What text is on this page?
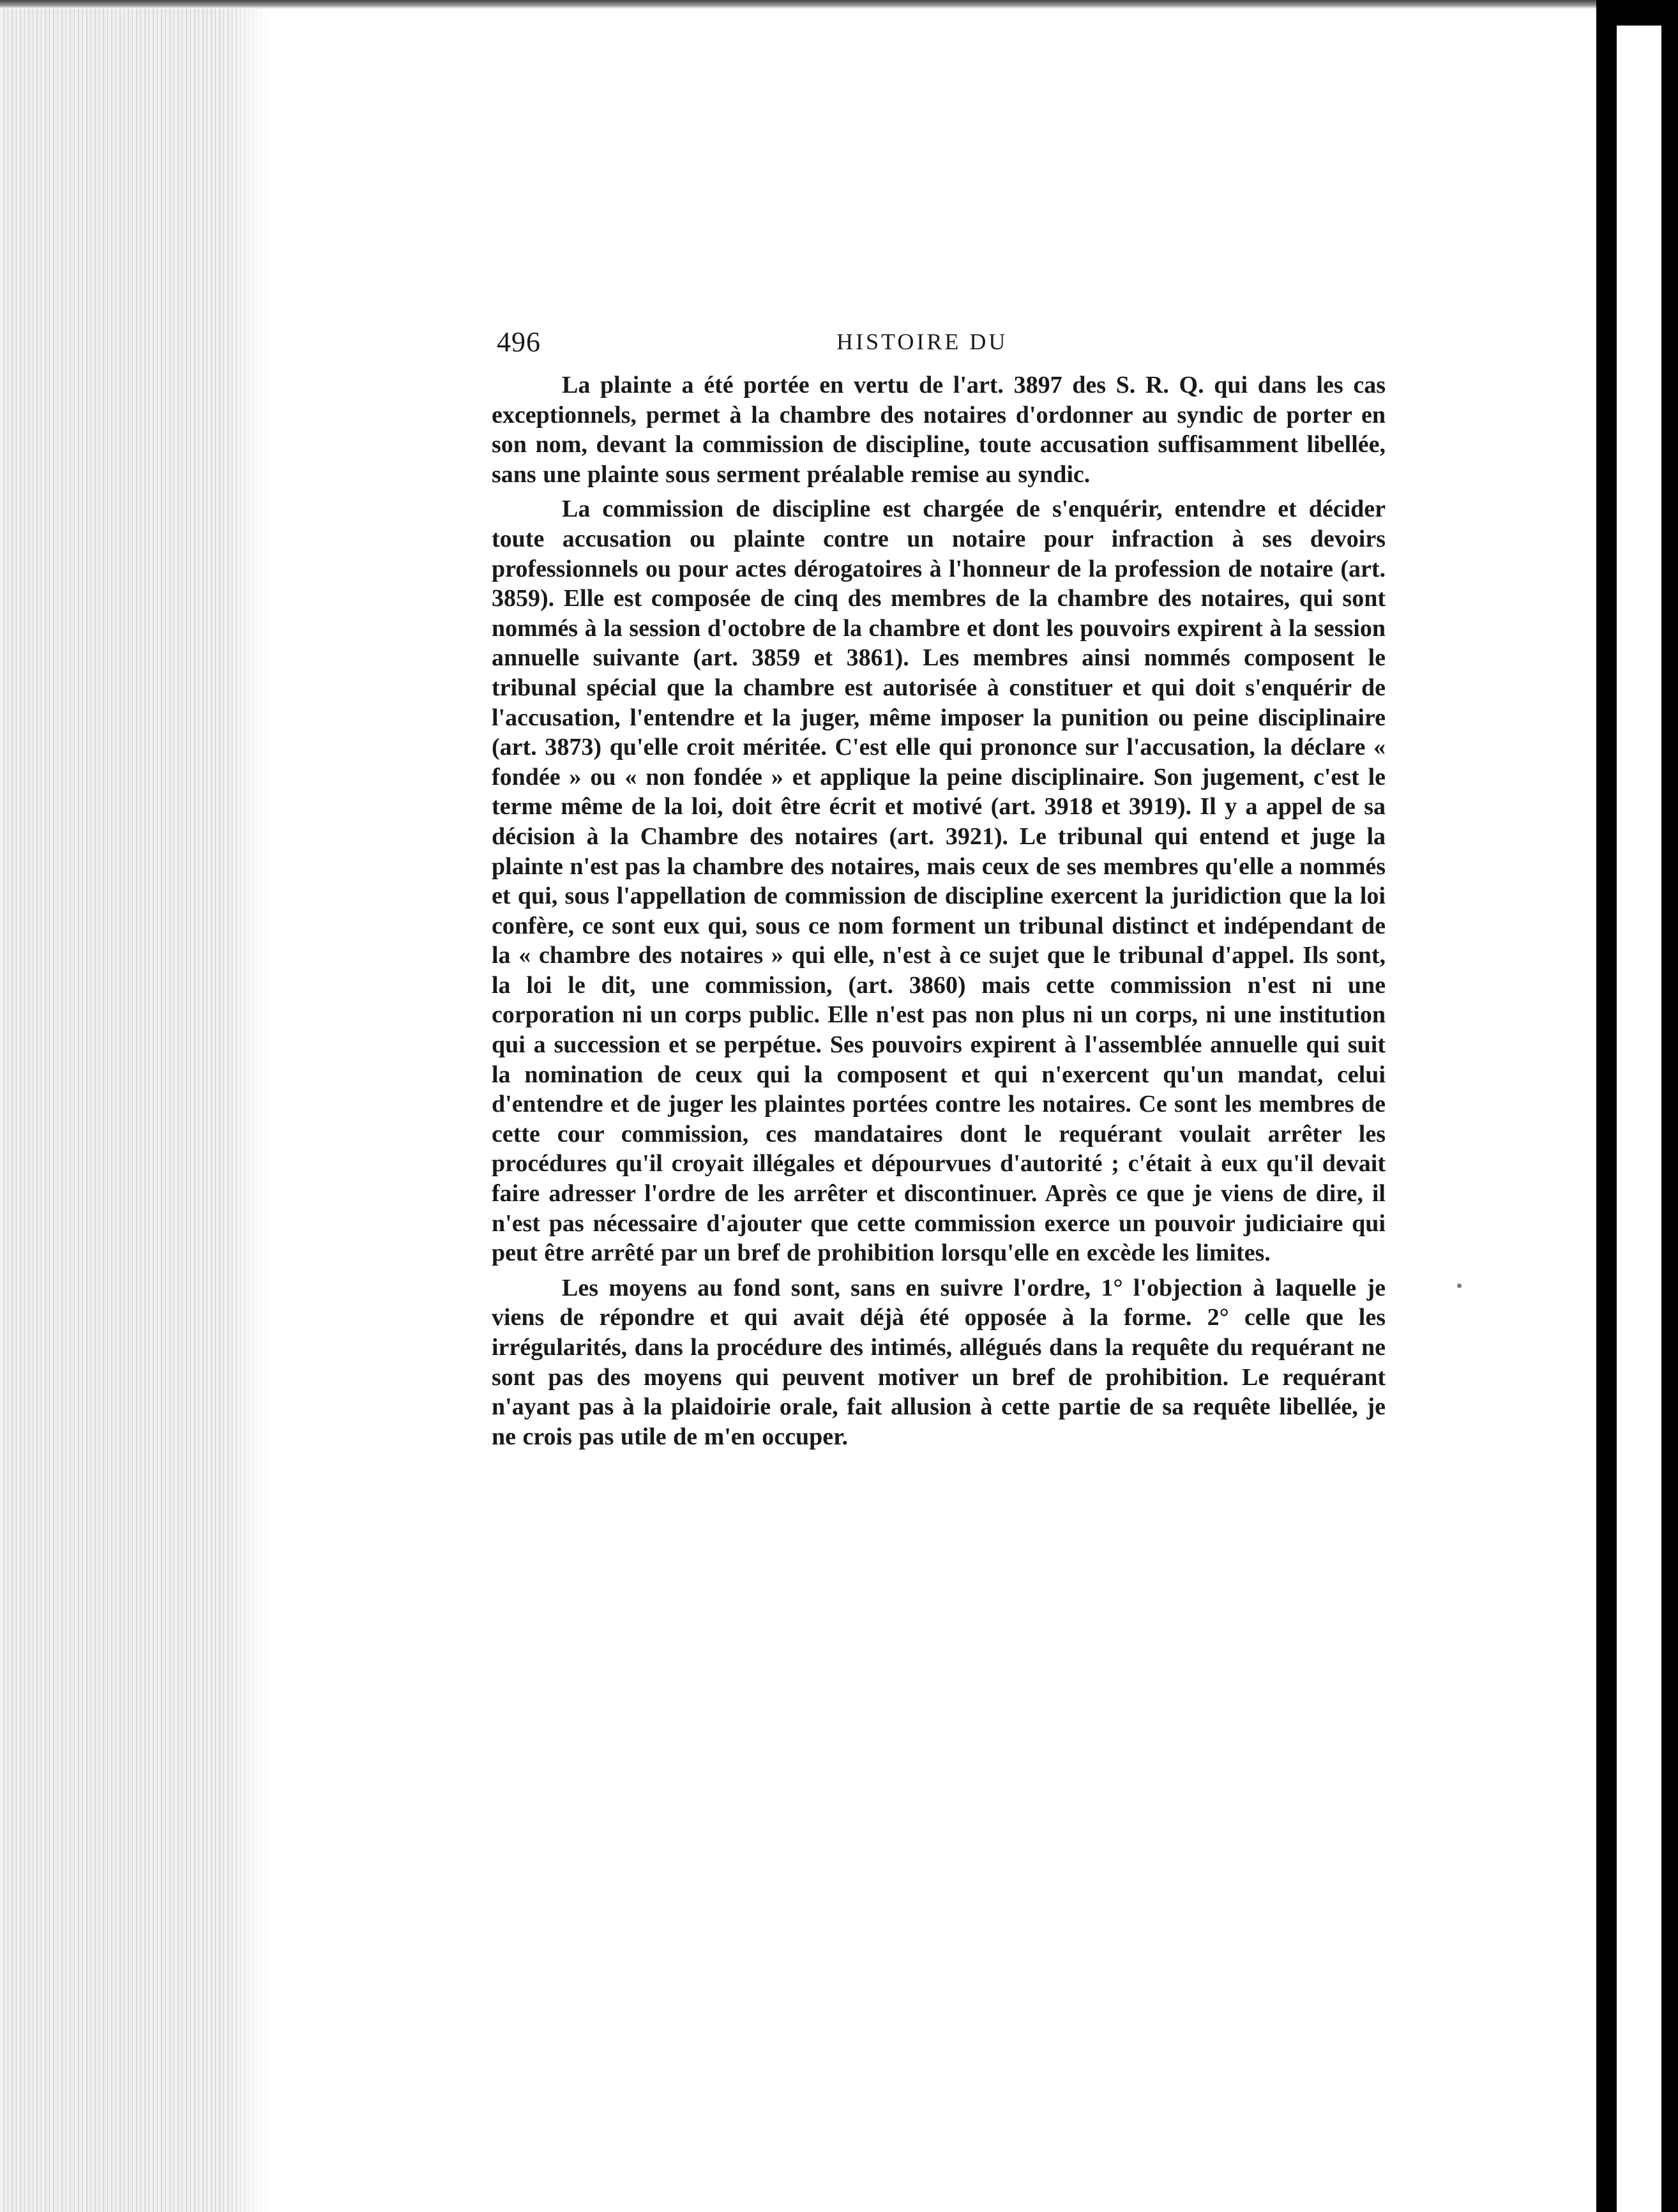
496	HISTOIRE DU

La plainte a été portée en vertu de l'art. 3897 des S. R. Q. qui dans les cas exceptionnels, permet à la chambre des notaires d'ordonner au syndic de porter en son nom, devant la commission de discipline, toute accusation suffisamment libellée, sans une plainte sous serment préalable remise au syndic.

La commission de discipline est chargée de s'enquérir, entendre et décider toute accusation ou plainte contre un notaire pour infraction à ses devoirs professionnels ou pour actes dérogatoires à l'honneur de la profession de notaire (art. 3859). Elle est composée de cinq des membres de la chambre des notaires, qui sont nommés à la session d'octobre de la chambre et dont les pouvoirs expirent à la session annuelle suivante (art. 3859 et 3861). Les membres ainsi nommés composent le tribunal spécial que la chambre est autorisée à constituer et qui doit s'enquérir de l'accusation, l'entendre et la juger, même imposer la punition ou peine disciplinaire (art. 3873) qu'elle croit méritée. C'est elle qui prononce sur l'accusation, la déclare « fondée » ou « non fondée » et applique la peine disciplinaire. Son jugement, c'est le terme même de la loi, doit être écrit et motivé (art. 3918 et 3919). Il y a appel de sa décision à la Chambre des notaires (art. 3921). Le tribunal qui entend et juge la plainte n'est pas la chambre des notaires, mais ceux de ses membres qu'elle a nommés et qui, sous l'appellation de commission de discipline exercent la juridiction que la loi confère, ce sont eux qui, sous ce nom forment un tribunal distinct et indépendant de la « chambre des notaires » qui elle, n'est à ce sujet que le tribunal d'appel. Ils sont, la loi le dit, une commission, (art. 3860) mais cette commission n'est ni une corporation ni un corps public. Elle n'est pas non plus ni un corps, ni une institution qui a succession et se perpétue. Ses pouvoirs expirent à l'assemblée annuelle qui suit la nomination de ceux qui la composent et qui n'exercent qu'un mandat, celui d'entendre et de juger les plaintes portées contre les notaires. Ce sont les membres de cette cour commission, ces mandataires dont le requérant voulait arrêter les procédures qu'il croyait illégales et dépourvues d'autorité ; c'était à eux qu'il devait faire adresser l'ordre de les arrêter et discontinuer. Après ce que je viens de dire, il n'est pas nécessaire d'ajouter que cette commission exerce un pouvoir judiciaire qui peut être arrêté par un bref de prohibition lorsqu'elle en excède les limites.

Les moyens au fond sont, sans en suivre l'ordre, 1° l'objection à laquelle je viens de répondre et qui avait déjà été opposée à la forme. 2° celle que les irrégularités, dans la procédure des intimés, allégués dans la requête du requérant ne sont pas des moyens qui peuvent motiver un bref de prohibition. Le requérant n'ayant pas à la plaidoirie orale, fait allusion à cette partie de sa requête libellée, je ne crois pas utile de m'en occuper.
